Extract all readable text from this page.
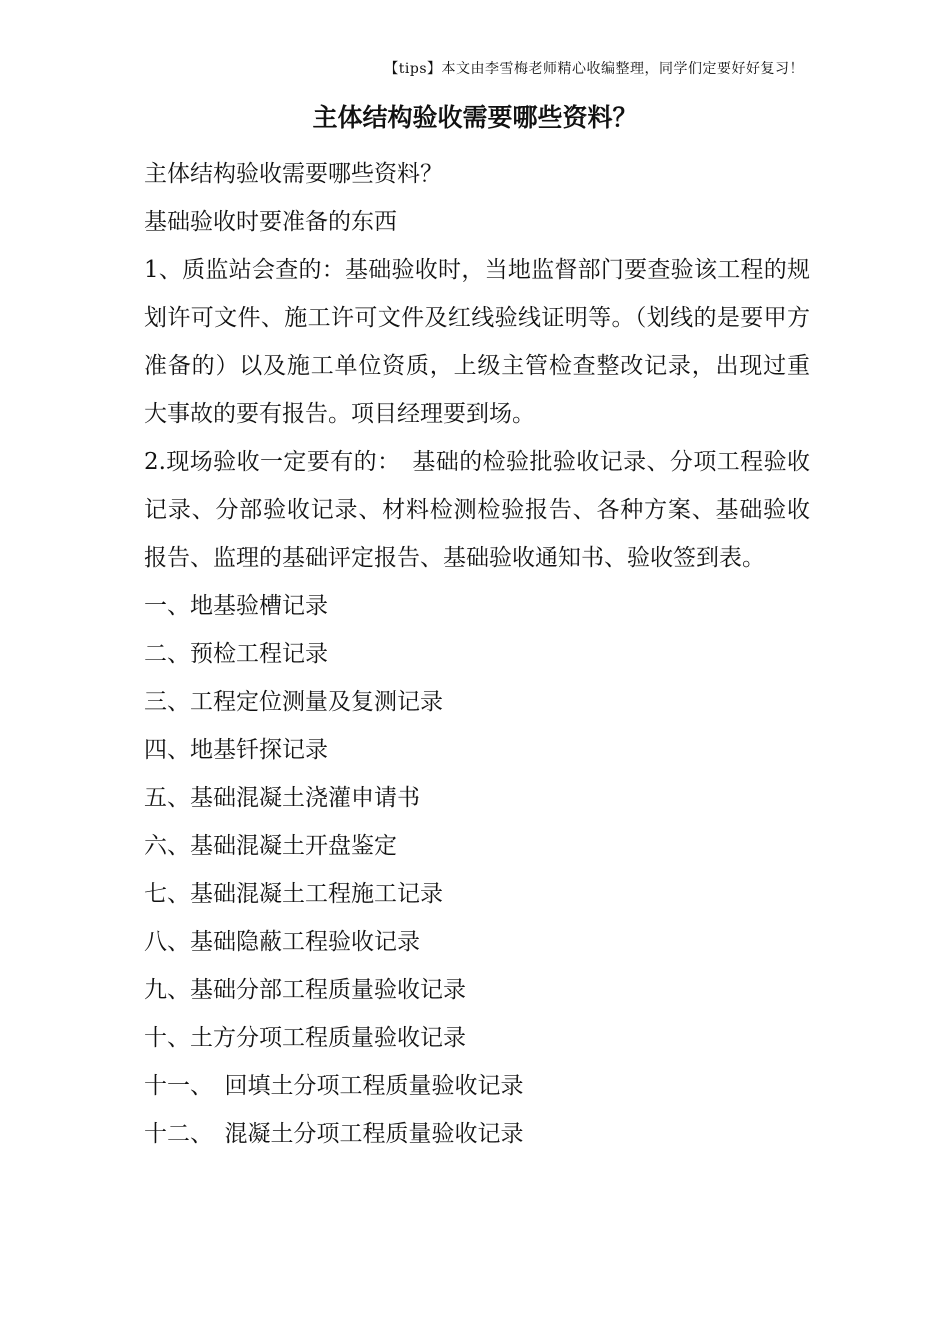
【tips】本文由李雪梅老师精心收编整理，同学们定要好好复习！
主体结构验收需要哪些资料？

主体结构验收需要哪些资料？

基础验收时要准备的东西

1、质监站会查的：基础验收时，当地监督部门要查验该工程的规划许可文件、施工许可文件及红线验线证明等。（划线的是要甲方准备的）以及施工单位资质，上级主管检查整改记录，出现过重大事故的要有报告。项目经理要到场。

2.现场验收一定要有的：　基础的检验批验收记录、分项工程验收记录、分部验收记录、材料检测检验报告、各种方案、基础验收报告、监理的基础评定报告、基础验收通知书、验收签到表。

一、地基验槽记录
二、预检工程记录
三、工程定位测量及复测记录
四、地基钎探记录
五、基础混凝土浇灌申请书
六、基础混凝土开盘鉴定
七、基础混凝土工程施工记录
八、基础隐蔽工程验收记录
九、基础分部工程质量验收记录
十、土方分项工程质量验收记录
十一、　回填土分项工程质量验收记录
十二、　混凝土分项工程质量验收记录
